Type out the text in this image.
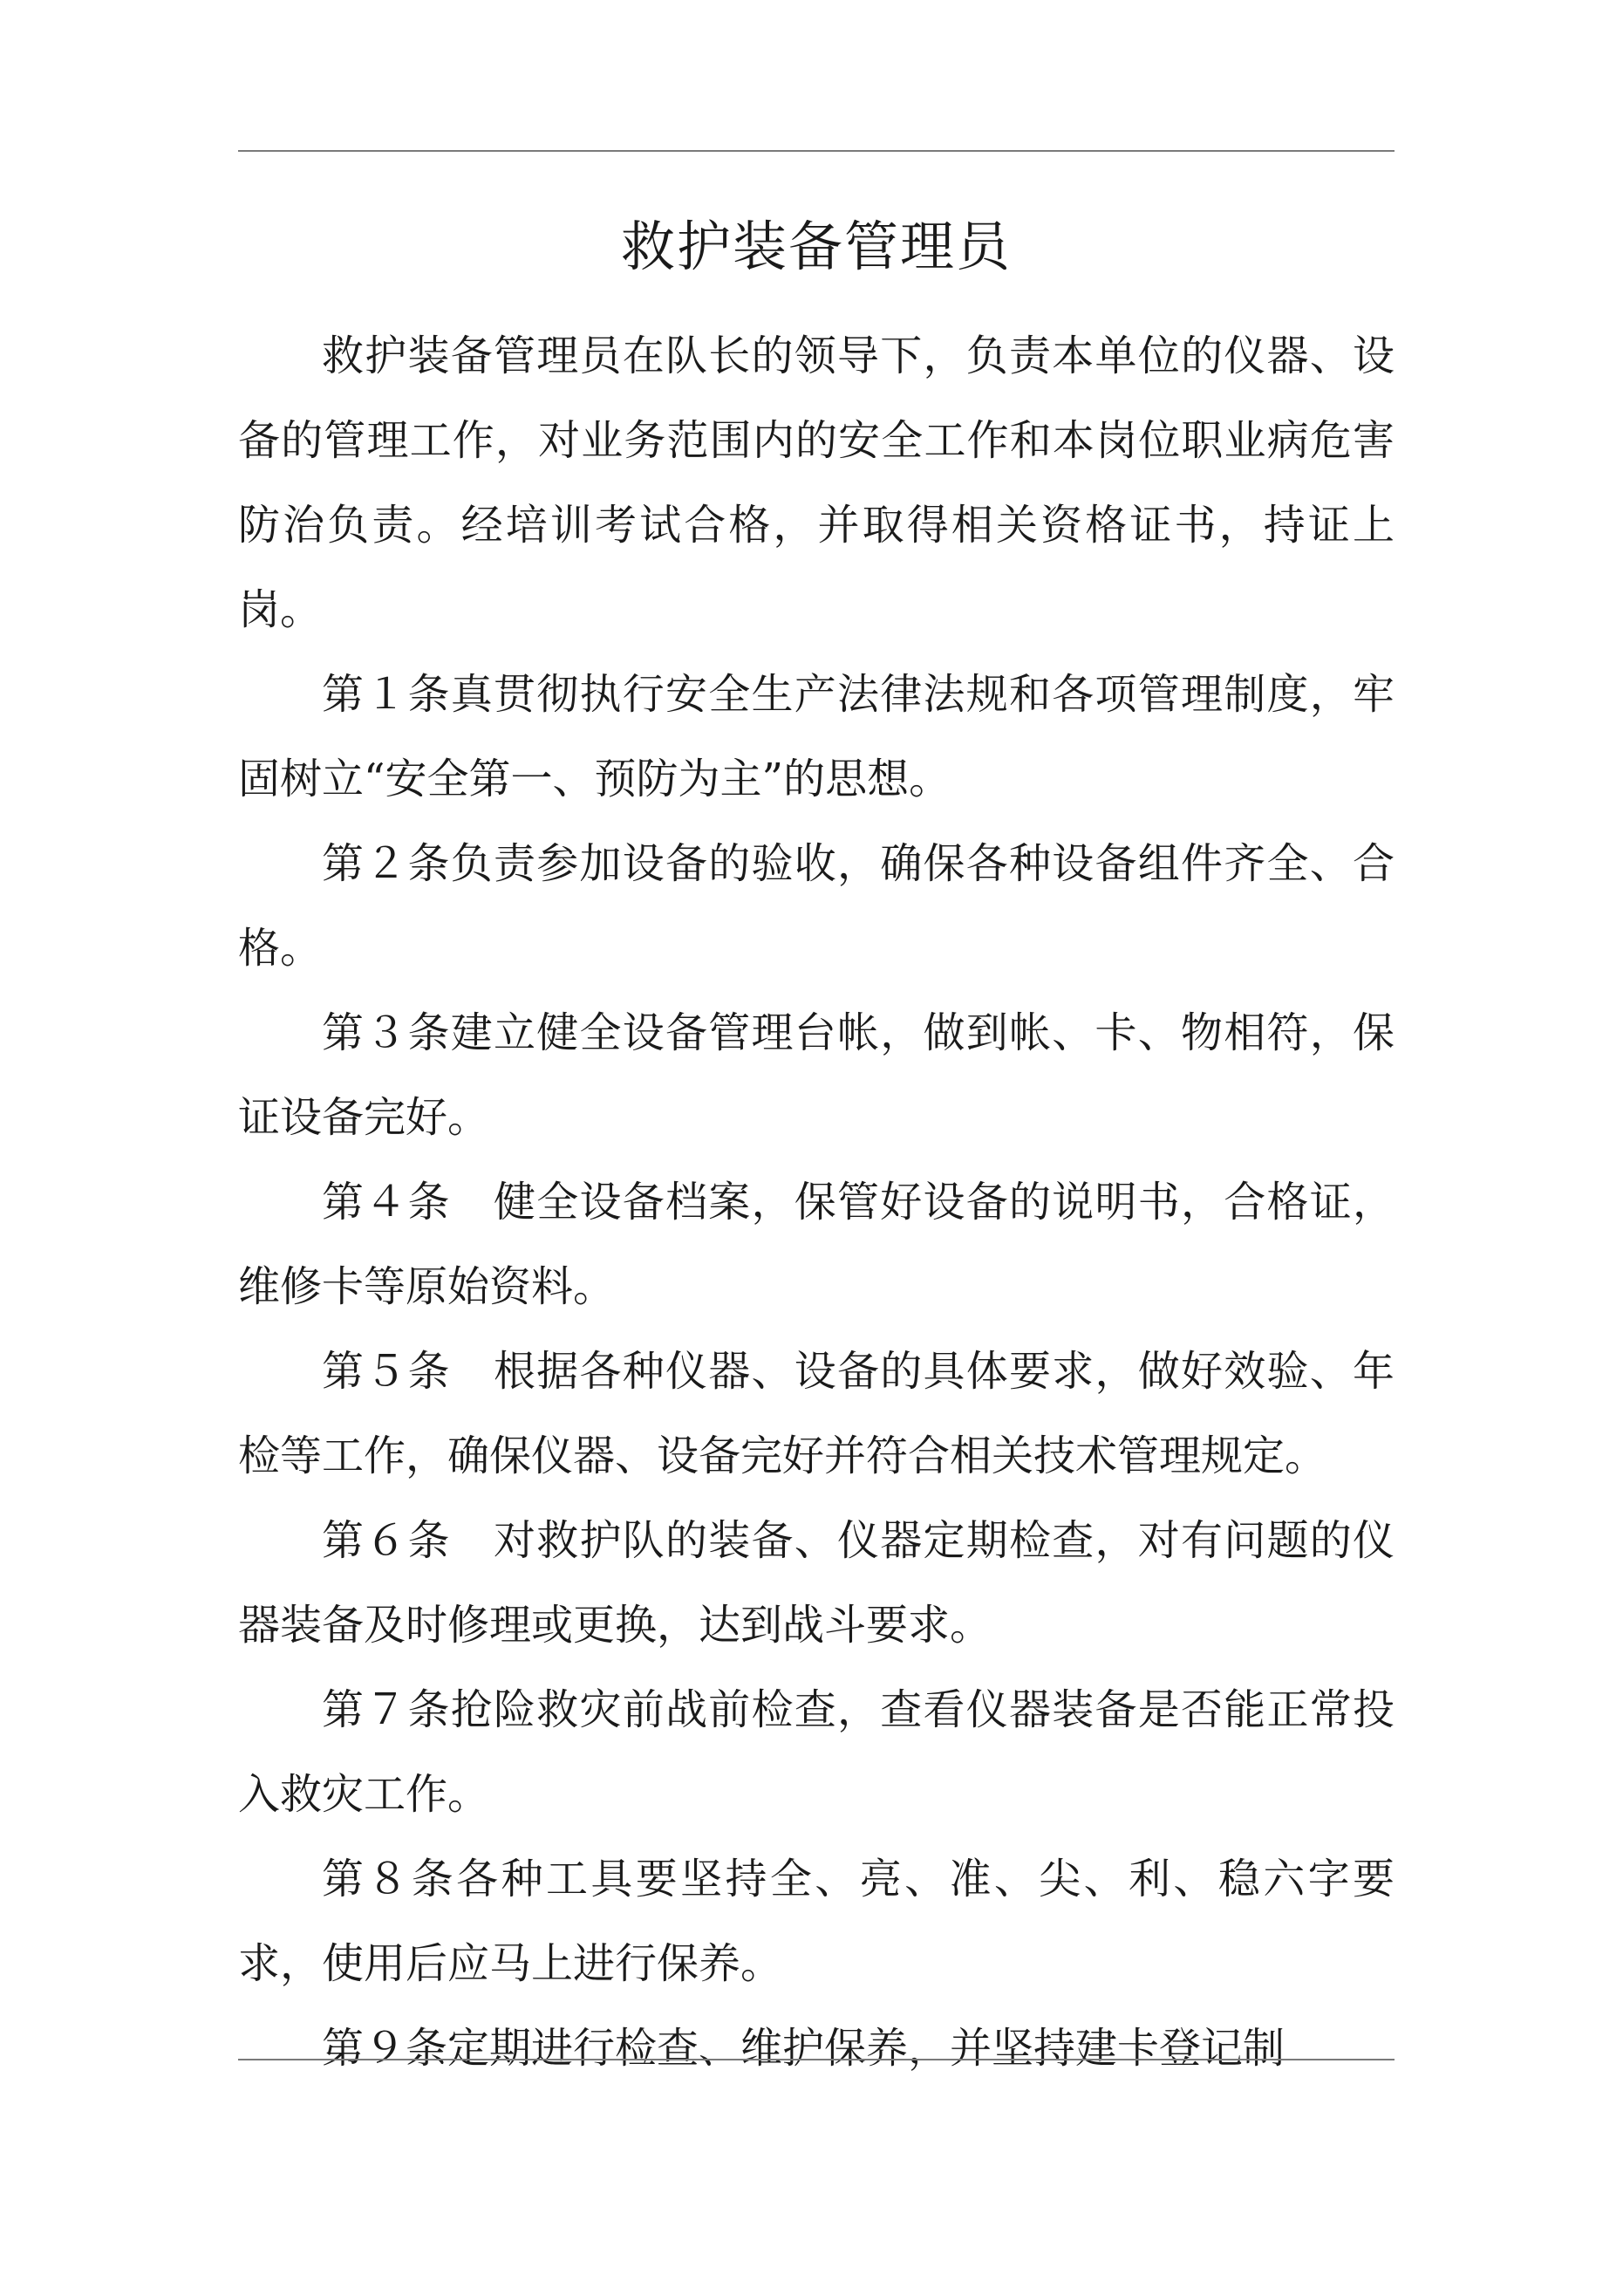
救护装备管理员

救护装备管理员在队长的领导下，负责本单位的仪器、设备的管理工作，对业务范围内的安全工作和本岗位职业病危害防治负责。经培训考试合格，并取得相关资格证书，持证上岗。

第１条真贯彻执行安全生产法律法规和各项管理制度，牢固树立“安全第一、预防为主”的思想。

第２条负责参加设备的验收，确保各种设备组件齐全、合格。

第３条建立健全设备管理台帐，做到帐、卡、物相符，保证设备完好。

第４条　健全设备档案，保管好设备的说明书，合格证，维修卡等原始资料。

第５条　根据各种仪器、设备的具体要求，做好效验、年检等工作，确保仪器、设备完好并符合相关技术管理规定。

第６条　对救护队的装备、仪器定期检查，对有问题的仪器装备及时修理或更换，达到战斗要求。

第７条抢险救灾前战前检查，查看仪器装备是否能正常投入救灾工作。

第８条各种工具要坚持全、亮、准、尖、利、稳六字要求，使用后应马上进行保养。

第９条定期进行检查、维护保养，并坚持建卡登记制
